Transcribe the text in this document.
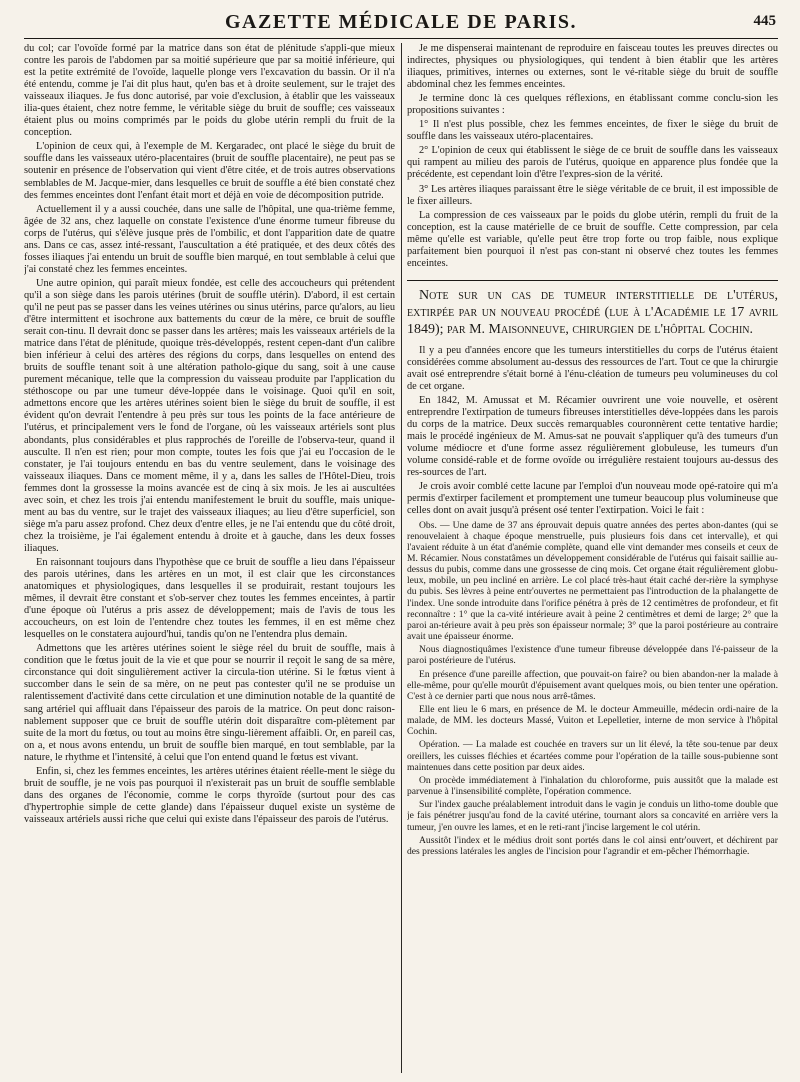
GAZETTE MÉDICALE DE PARIS.	445

du col; car l'ovoïde formé par la matrice dans son état de plénitude s'appli-que mieux contre les parois de l'abdomen par sa moitié supérieure que par sa moitié inférieure, qui est la petite extrémité de l'ovoïde, laquelle plonge vers l'excavation du bassin. Or il n'a été entendu, comme je l'ai dit plus haut, qu'en bas et à droite seulement, sur le trajet des vaisseaux iliaques. Je fus donc autorisé, par voie d'exclusion, à établir que les vaisseaux ilia-ques étaient, chez notre femme, le véritable siège du bruit de souffle; ces vaisseaux étaient plus ou moins comprimés par le poids du globe utérin rempli du fruit de la conception.

L'opinion de ceux qui, à l'exemple de M. Kergaradec, ont placé le siège du bruit de souffle dans les vaisseaux utéro-placentaires (bruit de souffle placentaire), ne peut pas se soutenir en présence de l'observation qui vient d'être citée, et de trois autres observations semblables de M. Jacque-mier, dans lesquelles ce bruit de souffle a été bien constaté chez des femmes enceintes dont l'enfant était mort et déjà en voie de décomposition putride.

Actuellement il y a aussi couchée, dans une salle de l'hôpital, une qua-trième femme, âgée de 32 ans, chez laquelle on constate l'existence d'une énorme tumeur fibreuse du corps de l'utérus, qui s'élève jusque près de l'ombilic, et dont l'apparition date de quatre ans. Dans ce cas, assez inté-ressant, l'auscultation a été pratiquée, et des deux côtés des fosses iliaques j'ai entendu un bruit de souffle bien marqué, en tout semblable à celui que j'ai constaté chez les femmes enceintes.

Une autre opinion, qui paraît mieux fondée, est celle des accoucheurs qui prétendent qu'il a son siège dans les parois utérines (bruit de souffle utérin). D'abord, il est certain qu'il ne peut pas se passer dans les veines utérines ou sinus utérins, parce qu'alors, au lieu d'être intermittent et isochrone aux battements du cœur de la mère, ce bruit de souffle serait con-tinu. Il devrait donc se passer dans les artères; mais les vaisseaux artériels de la matrice dans l'état de plénitude, quoique très-développés, restent cepen-dant d'un calibre bien inférieur à celui des artères des régions du corps, dans lesquelles on entend des bruits de souffle tenant soit à une altération patholo-gique du sang, soit à une cause purement mécanique, telle que la compression du vaisseau produite par l'application du stéthoscope ou par une tumeur déve-loppée dans le voisinage. Quoi qu'il en soit, admettons encore que les artères utérines soient bien le siège du bruit de souffle, il est évident qu'on devrait l'entendre à peu près sur tous les points de la face antérieure de l'utérus, et principalement vers le fond de l'organe, où les vaisseaux artériels sont plus abondants, plus considérables et plus rapprochés de l'oreille de l'observa-teur, quand il ausculte. Il n'en est rien; pour mon compte, toutes les fois que j'ai eu l'occasion de le constater, je l'ai toujours entendu en bas du ventre seulement, dans le voisinage des vaisseaux iliaques. Dans ce moment même, il y a, dans les salles de l'Hôtel-Dieu, trois femmes dont la grossesse la moins avancée est de cinq à six mois. Je les ai auscultées avec soin, et chez les trois j'ai entendu manifestement le bruit du souffle, mais unique-ment au bas du ventre, sur le trajet des vaisseaux iliaques; au lieu d'être superficiel, son siège m'a paru assez profond. Chez deux d'entre elles, je ne l'ai entendu que du côté droit, chez la troisième, je l'ai également entendu à droite et à gauche, dans les deux fosses iliaques.

En raisonnant toujours dans l'hypothèse que ce bruit de souffle a lieu dans l'épaisseur des parois utérines, dans les artères en un mot, il est clair que les circonstances anatomiques et physiologiques, dans lesquelles il se produirait, restant toujours les mêmes, il devrait être constant et s'ob-server chez toutes les femmes enceintes, à partir d'une époque où l'utérus a pris assez de développement; mais de l'avis de tous les accoucheurs, on est loin de l'entendre chez toutes les femmes, il en est même chez lesquelles on le constatera aujourd'hui, tandis qu'on ne l'entendra plus demain.

Admettons que les artères utérines soient le siège réel du bruit de souffle, mais à condition que le fœtus jouit de la vie et que pour se nourrir il reçoit le sang de sa mère, circonstance qui doit singulièrement activer la circula-tion utérine. Si le fœtus vient à succomber dans le sein de sa mère, on ne peut pas contester qu'il ne se produise un ralentissement d'activité dans cette circulation et une diminution notable de la quantité de sang artériel qui affluait dans l'épaisseur des parois de la matrice. On peut donc raison-nablement supposer que ce bruit de souffle utérin doit disparaître com-plètement par suite de la mort du fœtus, ou tout au moins être singu-lièrement affaibli. Or, en pareil cas, on a, et nous avons entendu, un bruit de souffle bien marqué, en tout semblable, par la nature, le rhythme et l'intensité, à celui que l'on entend quand le fœtus est vivant.

Enfin, si, chez les femmes enceintes, les artères utérines étaient réelle-ment le siège du bruit de souffle, je ne vois pas pourquoi il n'existerait pas un bruit de souffle semblable dans des organes de l'économie, comme le corps thyroïde (surtout pour des cas d'hypertrophie simple de cette glande) dans l'épaisseur duquel existe un système de vaisseaux artériels aussi riche que celui qui existe dans l'épaisseur des parois de l'utérus.

Je me dispenserai maintenant de reproduire en faisceau toutes les preuves directes ou indirectes, physiques ou physiologiques, qui tendent à bien établir que les artères iliaques, primitives, internes ou externes, sont le vé-ritable siège du bruit de souffle abdominal chez les femmes enceintes.

Je termine donc là ces quelques réflexions, en établissant comme conclu-sion les propositions suivantes :

1° Il n'est plus possible, chez les femmes enceintes, de fixer le siège du bruit de souffle dans les vaisseaux utéro-placentaires.

2° L'opinion de ceux qui établissent le siège de ce bruit de souffle dans les vaisseaux qui rampent au milieu des parois de l'utérus, quoique en apparence plus fondée que la précédente, est cependant loin d'être l'expres-sion de la vérité.

3° Les artères iliaques paraissant être le siège véritable de ce bruit, il est impossible de le fixer ailleurs.

La compression de ces vaisseaux par le poids du globe utérin, rempli du fruit de la conception, est la cause matérielle de ce bruit de souffle. Cette compression, par cela même qu'elle est variable, qu'elle peut être trop forte ou trop faible, nous explique parfaitement bien pourquoi il n'est pas con-stant ni observé chez toutes les femmes enceintes.

Note sur un cas de tumeur interstitielle de l'utérus, extirpée par un nouveau procédé (lue à l'Académie le 17 avril 1849); par M. Maisonneuve, chirurgien de l'hôpital Cochin.

Il y a peu d'années encore que les tumeurs interstitielles du corps de l'utérus étaient considérées comme absolument au-dessus des ressources de l'art. Tout ce que la chirurgie avait osé entreprendre s'était borné à l'énu-cléation de tumeurs peu volumineuses du col de cet organe.

En 1842, M. Amussat et M. Récamier ouvrirent une voie nouvelle, et osèrent entreprendre l'extirpation de tumeurs fibreuses interstitielles déve-loppées dans les parois du corps de la matrice. Deux succès remarquables couronnèrent cette tentative hardie; mais le procédé ingénieux de M. Amus-sat ne pouvait s'appliquer qu'à des tumeurs d'un volume médiocre et d'une forme assez régulièrement globuleuse, les tumeurs d'un volume considé-rable et de forme ovoïde ou irrégulière restaient toujours au-dessus des res-sources de l'art.

Je crois avoir comblé cette lacune par l'emploi d'un nouveau mode opé-ratoire qui m'a permis d'extirper facilement et promptement une tumeur beaucoup plus volumineuse que celles dont on avait jusqu'à présent osé tenter l'extirpation. Voici le fait :

Obs. — Une dame de 37 ans éprouvait depuis quatre années des pertes abon-dantes (qui se renouvelaient à chaque époque menstruelle, puis plusieurs fois dans cet intervalle), et qui l'avaient réduite à un état d'anémie complète, quand elle vint demander mes conseils et ceux de M. Récamier. Nous constatâmes un développement considérable de l'utérus qui faisait saillie au-dessus du pubis, comme dans une grossesse de cinq mois. Cet organe était régulièrement globu-leux, mobile, un peu incliné en arrière. Le col placé très-haut était caché der-rière la symphyse du pubis. Ses lèvres à peine entr'ouvertes ne permettaient pas l'introduction de la phalangette de l'index. Une sonde introduite dans l'orifice pénétra à près de 12 centimètres de profondeur, et fit reconnaître : 1° que la ca-vité intérieure avait à peine 2 centimètres et demi de large; 2° que la paroi an-térieure avait à peu près son épaisseur normale; 3° que la paroi postérieure au contraire avait une épaisseur énorme.

Nous diagnostiquâmes l'existence d'une tumeur fibreuse développée dans l'é-paisseur de la paroi postérieure de l'utérus.

En présence d'une pareille affection, que pouvait-on faire? ou bien abandon-ner la malade à elle-même, pour qu'elle mourût d'épuisement avant quelques mois, ou bien tenter une opération. C'est à ce dernier parti que nous nous arrê-tâmes.

Elle ent lieu le 6 mars, en présence de M. le docteur Ammeuille, médecin ordi-naire de la malade, de MM. les docteurs Massé, Vuiton et Lepelletier, interne de mon service à l'hôpital Cochin.

Opération. — La malade est couchée en travers sur un lit élevé, la tête sou-tenue par deux oreillers, les cuisses fléchies et écartées comme pour l'opération de la taille sous-pubienne sont maintenues dans cette position par deux aides.

On procède immédiatement à l'inhalation du chloroforme, puis aussitôt que la malade est parvenue à l'insensibilité complète, l'opération commence.

Sur l'index gauche préalablement introduit dans le vagin je conduis un litho-tome double que je fais pénétrer jusqu'au fond de la cavité utérine, tournant alors sa concavité en arrière vers la tumeur, j'en ouvre les lames, et en le reti-rant j'incise largement le col utérin.

Aussitôt l'index et le médius droit sont portés dans le col ainsi entr'ouvert, et déchirent par des pressions latérales les angles de l'incision pour l'agrandir et em-pêcher l'hémorrhagie.
